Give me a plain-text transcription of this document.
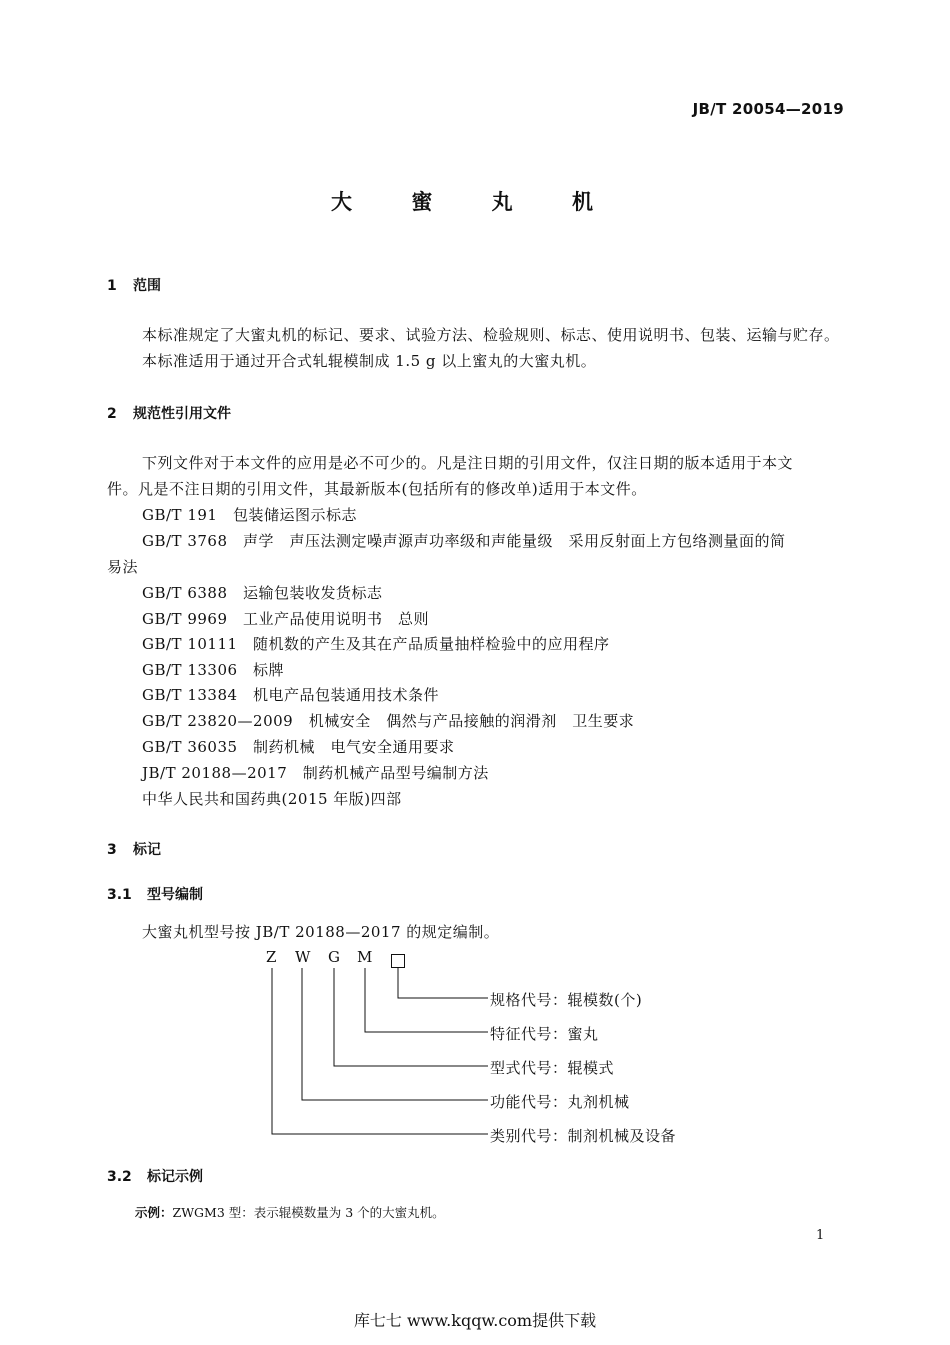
JB/T 20054—2019
大 蜜 丸 机
1 范围
本标准规定了大蜜丸机的标记、要求、试验方法、检验规则、标志、使用说明书、包装、运输与贮存。
本标准适用于通过开合式轧辊模制成 1.5 g 以上蜜丸的大蜜丸机。
2 规范性引用文件
下列文件对于本文件的应用是必不可少的。凡是注日期的引用文件，仅注日期的版本适用于本文
件。凡是不注日期的引用文件，其最新版本(包括所有的修改单)适用于本文件。
GB/T 191　包装储运图示标志
GB/T 3768　声学　声压法测定噪声源声功率级和声能量级　采用反射面上方包络测量面的简
易法
GB/T 6388　运输包装收发货标志
GB/T 9969　工业产品使用说明书　总则
GB/T 10111　随机数的产生及其在产品质量抽样检验中的应用程序
GB/T 13306　标牌
GB/T 13384　机电产品包装通用技术条件
GB/T 23820—2009　机械安全　偶然与产品接触的润滑剂　卫生要求
GB/T 36035　制药机械　电气安全通用要求
JB/T 20188—2017　制药机械产品型号编制方法
中华人民共和国药典(2015 年版)四部
3 标记
3.1 型号编制
大蜜丸机型号按 JB/T 20188—2017 的规定编制。
Z W G M
规格代号：辊模数(个)
特征代号：蜜丸
型式代号：辊模式
功能代号：丸剂机械
类别代号：制剂机械及设备
3.2 标记示例
示例：ZWGM3 型：表示辊模数量为 3 个的大蜜丸机。
1
库七七 www.kqqw.com提供下载
